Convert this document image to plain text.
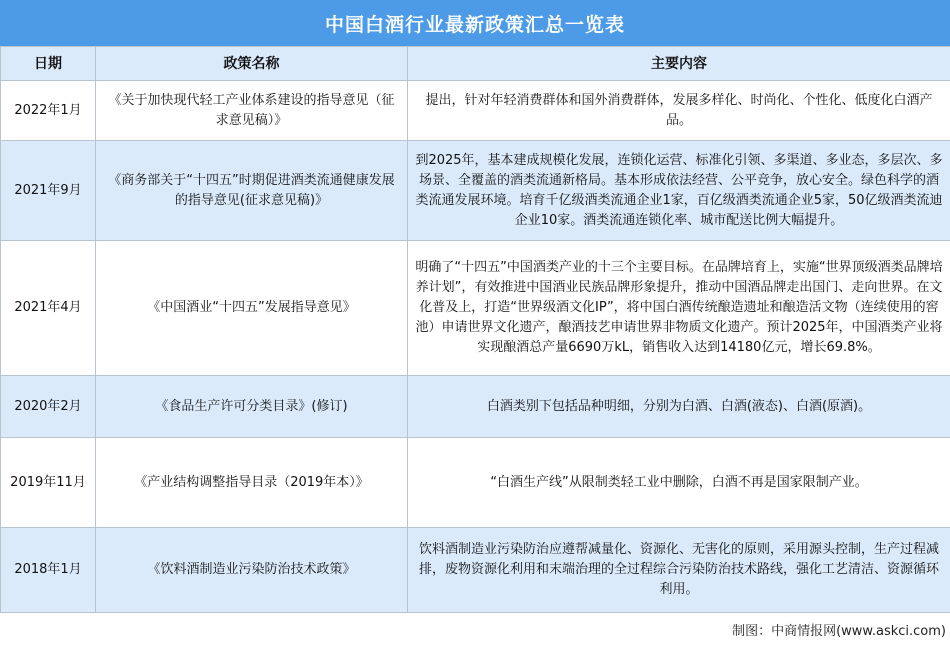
中国白酒行业最新政策汇总一览表
日期	政策名称	主要内容
2022年1月	《关于加快现代轻工产业体系建设的指导意见（征求意见稿）》	提出，针对年轻消费群体和国外消费群体，发展多样化、时尚化、个性化、低度化白酒产品。
2021年9月	《商务部关于“十四五”时期促进酒类流通健康发展的指导意见(征求意见稿)》	到2025年，基本建成规模化发展，连锁化运营、标准化引领、多渠道、多业态，多层次、多场景、全覆盖的酒类流通新格局。基本形成依法经营、公平竞争，放心安全。绿色科学的酒类流通发展环境。培育千亿级酒类流通企业1家，百亿级酒类流通企业5家，50亿级酒类流迪企业10家。酒类流通连锁化率、城市配送比例大幅提升。
2021年4月	《中国酒业“十四五”发展指导意见》	明确了“十四五”中国酒类产业的十三个主要目标。在品牌培育上，实施“世界顶级酒类品牌培养计划”，有效推进中国酒业民族品牌形象提升，推动中国酒品牌走出国门、走向世界。在文化普及上，打造“世界级酒文化IP”，将中国白酒传统酿造遗址和酿造活文物（连续使用的窖池）申请世界文化遗产，酿酒技艺申请世界非物质文化遗产。预计2025年，中国酒类产业将实现酿酒总产量6690万kL，销售收入达到14180亿元，增长69.8%。
2020年2月	《食品生产许可分类目录》(修订)	白酒类别下包括品种明细，分别为白酒、白酒(液态)、白酒(原酒)。
2019年11月	《产业结构调整指导目录（2019年本）》	“白酒生产线”从限制类轻工业中删除，白酒不再是国家限制产业。
2018年1月	《饮料酒制造业污染防治技术政策》	饮料酒制造业污染防治应遵帮减量化、资源化、无害化的原则，采用源头控制，生产过程减排，废物资源化利用和末端治理的全过程综合污染防治技术路线，强化工艺清洁、资源循环利用。
制图：中商情报网(www.askci.com)
